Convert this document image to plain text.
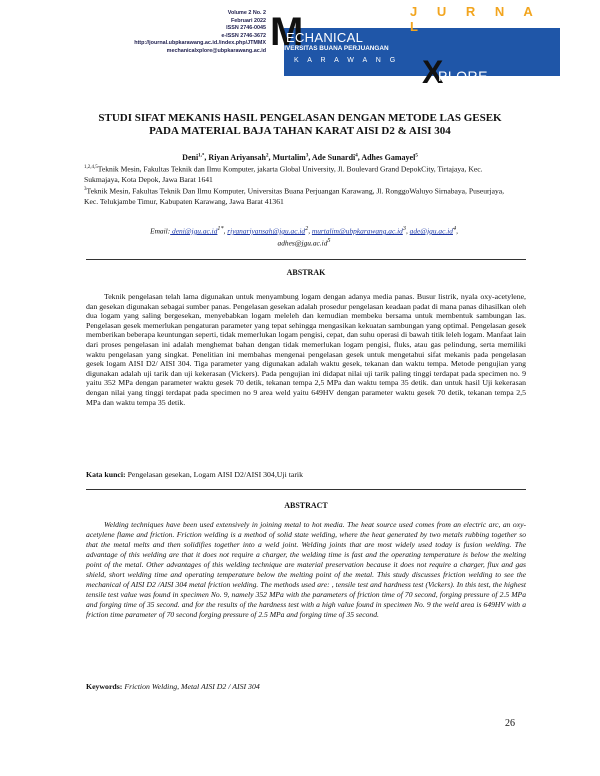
Volume 2 No. 2
Februari 2022
ISSN 2746-0045
e-ISSN 2746-3672
http://journal.ubpkarawang.ac.id./index.php/JTMMX
mechanicalxplore@ubpkarawang.ac.id
J U R N A L
M
ECHANICAL
UNIVERSITAS BUANA PERJUANGAN
K A R A W A N G X
PLORE
STUDI SIFAT MEKANIS HASIL PENGELASAN DENGAN METODE LAS GESEK
PADA MATERIAL BAJA TAHAN KARAT AISI D2 & AISI 304

Deni$^{1,*}$, Riyan Ariyansah$^2$, Murtalim$^3$, Ade Sunardi$^4$, Adhes Gamayel$^5$

$^{1,2,4,5}$Teknik Mesin, Fakultas Teknik dan Ilmu Komputer, jakarta Global University, Jl. Boulevard Grand DepokCity, Tirtajaya, Kec. Sukmajaya, Kota Depok, Jawa Barat 1641

$^3$Teknik Mesin, Fakultas Teknik Dan Ilmu Komputer, Universitas Buana Perjuangan Karawang, Jl. RonggoWaluyo Sirnabaya, Puseurjaya, Kec. Telukjambe Timur, Kabupaten Karawang, Jawa Barat 41361

Email: $deni@jgu.ac.id^{1*}$, $riyanariyansah@jgu.ac.id^2$, $murtalim@ubpkarawang.ac.id^3$, $ade@jgu.ac.id^4$,
$adhes@jgu.ac.id^5$

ABSTRAK

Teknik pengelasan telah lama digunakan untuk menyambung logam dengan adanya media panas. Busur listrik, nyala oxy-acetylene, dan gesekan digunakan sebagai sumber panas. Pengelasan gesekan adalah prosedur pengelasan keadaan padat di mana panas dihasilkan oleh dua logam yang saling bergesekan, menyebabkan logam meleleh dan kemudian membeku bersama untuk membentuk sambungan las. Pengelasan gesek memerlukan pengaturan parameter yang tepat sehingga mengasikan kekuatan sambungan yang optimal. Pengelasan gesek memberikan beberapa keuntungan seperti, tidak memerlukan logam pengisi, cepat, dan suhu operasi di bawah titik leleh logam. Manfaat lain dari proses pengelasan ini adalah menghemat bahan dengan tidak memerlukan logam pengisi, fluks, atau gas pelindung, serta memiliki waktu pengelasan yang singkat. Penelitian ini membahas mengenai pengelasan gesek untuk mengetahui sifat mekanis pada pengelasan gesek logam AISI D2/ AISI 304. Tiga parameter yang digunakan adalah waktu gesek, tekanan dan waktu tempa. Metode pengujian yang digunakan adalah uji tarik dan uji kekerasan (Vickers). Pada pengujian ini didapat nilai uji tarik paling tinggi terdapat pada specimen no. 9 yaitu 352 MPa dengan parameter waktu gesek 70 detik, tekanan tempa 2,5 MPa dan waktu tempa 35 detik. dan untuk hasil Uji kekerasan dengan nilai yang tinggi terdapat pada specimen no 9 area weld yaitu 649HV dengan parameter waktu gesek 70 detik, tekanan tempa 2,5 MPa dan waktu tempa 35 detik.

Kata kunci: Pengelasan gesekan, Logam AISI D2/AISI 304,Uji tarik

ABSTRACT

Welding techniques have been used extensively in joining metal to hot media. The heat source used comes from an electric arc, an oxy-acetylene flame and friction. Friction welding is a method of solid state welding, where the heat generated by two metals rubbing together so that the metal melts and then solidifies together into a weld joint. Welding joints that are most widely used today is fusion welding. The advantage of this welding are that it does not require a charger, the welding time is fast and the operating temperature is below the melting point of the metal. Other advantages of this welding technique are material preservation because it does not require a charger, flux and gas shield, short welding time and operating temperature below the melting point of the metal. This study discusses friction welding to see the mechanical of AISI D2 /AISI 304 metal friction welding. The methods used are: , tensile test and hardness test (Vickers). In this test, the highest tensile test value was found in specimen No. 9, namely 352 MPa with the parameters of friction time of 70 second, forging pressure of 2.5 MPa and forging time of 35 second. and for the results of the hardness test with a high value found in specimen No. 9 the weld area is 649HV with a friction time parameter of 70 second forging pressure of 2.5 MPa and forging time of 35 second.

Keywords: Friction Welding, Metal AISI D2 / AISI 304

26
